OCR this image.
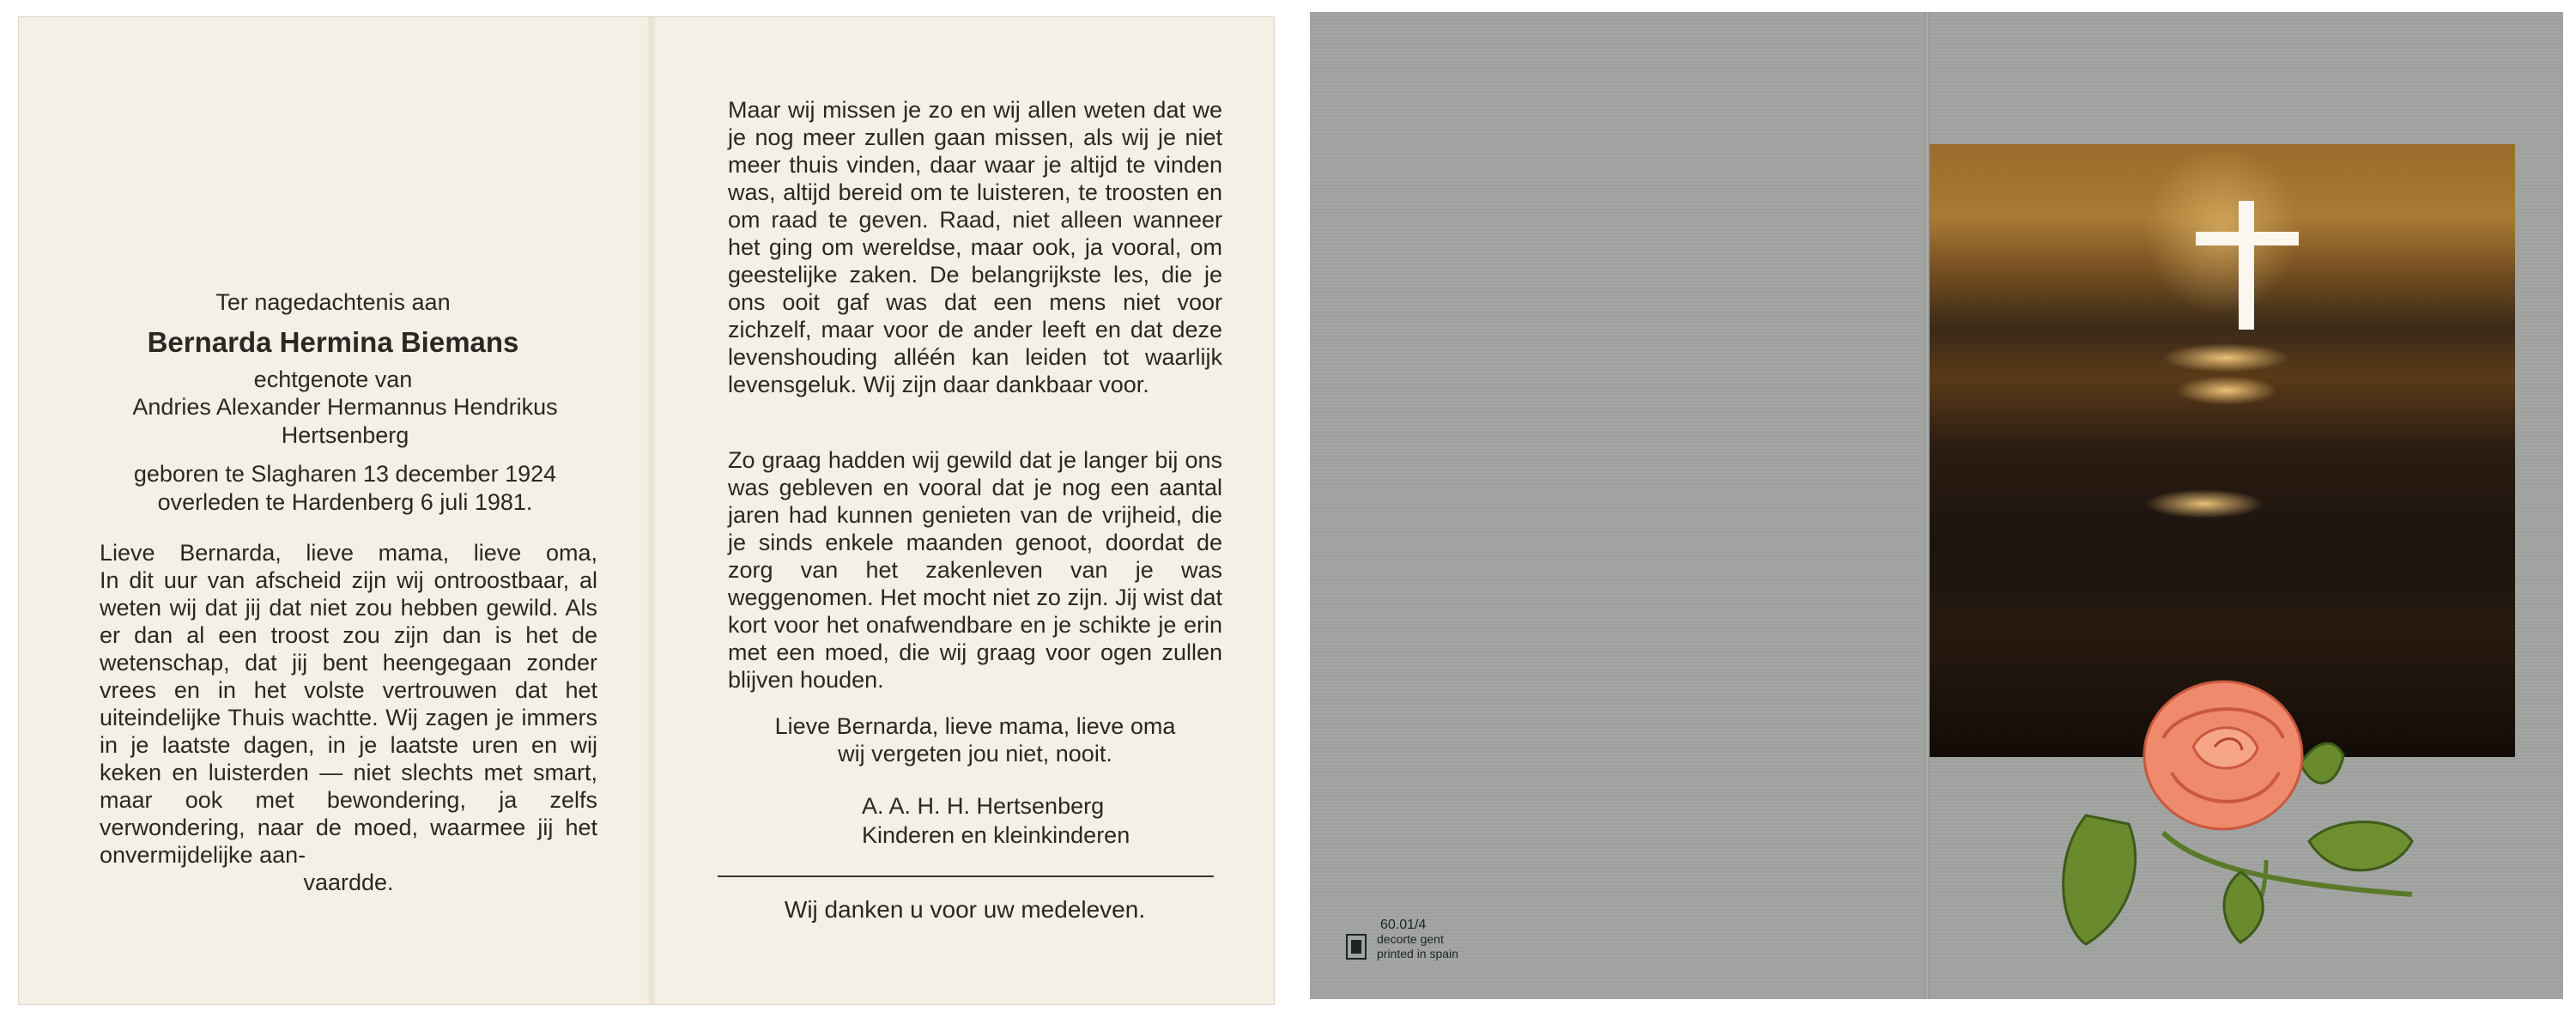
Ter nagedachtenis aan

Bernarda Hermina Biemans

echtgenote van

Andries Alexander Hermannus Hendrikus

Hertsenberg

geboren te Slagharen 13 december 1924

overleden te Hardenberg 6 juli 1981.

Lieve Bernarda, lieve mama, lieve oma,
In dit uur van afscheid zijn wij ontroostbaar, al weten wij dat jij dat niet zou hebben gewild. Als er dan al een troost zou zijn dan is het de wetenschap, dat jij bent heengegaan zonder vrees en in het volste vertrouwen dat het uiteindelijke Thuis wachtte. Wij zagen je immers in je laatste dagen, in je laatste uren en wij keken en luisterden — niet slechts met smart, maar ook met bewondering, ja zelfs verwondering, naar de moed, waarmee jij het onvermijdelijke aan-
vaardde.

Maar wij missen je zo en wij allen weten dat we je nog meer zullen gaan missen, als wij je niet meer thuis vinden, daar waar je altijd te vinden was, altijd bereid om te luisteren, te troosten en om raad te geven. Raad, niet alleen wanneer het ging om wereldse, maar ook, ja vooral, om geestelijke zaken. De belangrijkste les, die je ons ooit gaf was dat een mens niet voor zichzelf, maar voor de ander leeft en dat deze levenshouding alléén kan leiden tot waarlijk levensgeluk. Wij zijn daar dankbaar voor.

Zo graag hadden wij gewild dat je langer bij ons was gebleven en vooral dat je nog een aantal jaren had kunnen genieten van de vrijheid, die je sinds enkele maanden genoot, doordat de zorg van het zakenleven van je was weggenomen. Het mocht niet zo zijn. Jij wist dat kort voor het onafwendbare en je schikte je erin met een moed, die wij graag voor ogen zullen blijven houden.

Lieve Bernarda, lieve mama, lieve oma
wij vergeten jou niet, nooit.
A. A. H. H. Hertsenberg
Kinderen en kleinkinderen
Wij danken u voor uw medeleven.

60.01/4

decorte gent
printed in spain
